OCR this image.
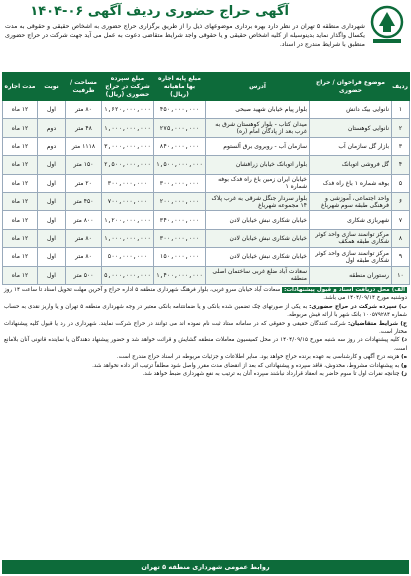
آگهی حراج حضوری ردیف آگهی ۰۶-۱۴۰۴
شهرداری منطقه ۵ تهران در نظر دارد بهره برداری موضوعهای ذیل را از طریق برگزاری حراج حضوری به اشخاص حقیقی و حقوقی به مدت یکسال واگذار نماید بدینوسیله از کلیه اشخاص حقیقی و یا حقوقی واجد شرایط متقاضی دعوت به عمل می آید جهت شرکت در حراج حضوری منطبق با شرایط مندرج در اسناد.
ردیف	موضوع فراخوان / حراج حضوری	آدرس	مبلغ پایه اجاره بها ماهیانه (ریال)	مبلغ سپرده شرکت در حراج حضوری (ریال)	مساحت / ظرفیت	نوبت	مدت اجاره
۱	نانوایی بیک دانش	بلوار پیام خیابان شهید صبحی	۴۵۰,۰۰۰,۰۰۰	۱,۶۲۰,۰۰۰,۰۰۰	۸۰ متر	اول	۱۲ ماه
۲	نانوایی کوهستان	میدان کتاب - بلوار کوهستان شرق به غرب بعد از پادگان امام (ره)	۲۷۵,۰۰۰,۰۰۰	۱,۰۰۰,۰۰۰,۰۰۰	۴۸ متر	دوم	۱۲ ماه
۳	بازار گل سازمان آب	سازمان آب - روبروی برق آلستوم	۸۴۰,۰۰۰,۰۰۰	۳,۰۰۰,۰۰۰,۰۰۰	۱۱۱۸ متر	دوم	۱۲ ماه
۴	گل فروشی اتوبانک	بلوار اتوبانک خیابان زرافشان	۱,۵۰۰,۰۰۰,۰۰۰	۲,۵۰۰,۰۰۰,۰۰۰	۱۵۰ متر	اول	۱۲ ماه
۵	بوفه شماره ۱ باغ راه فدک	خیابان ایران زمین باغ راه فدک بوفه شماره ۱	۳۰۰,۰۰۰,۰۰۰	۳۰۰,۰۰۰,۰۰۰	۲۰ متر	اول	۱۲ ماه
۶	واحد اجتماعی، آموزشی و فرهنگی طبقه سوم شهرباغ	بلوار سردار جنگل شرقی به غرب پلاک ۱۴ مجموعه شهرباغ	۲۰۰,۰۰۰,۰۰۰	۷۰۰,۰۰۰,۰۰۰	۴۵۰ متر	اول	۱۲ ماه
۷	شهربازی شکاری	خیابان شکاری نبش خیابان لادن	۳۴۰,۰۰۰,۰۰۰	۱,۲۰۰,۰۰۰,۰۰۰	۸۰۰ متر	اول	۱۲ ماه
۸	مرکز توانمند سازی واحد کوثر شکاری طبقه همکف	خیابان شکاری نبش خیابان لادن	۳۰۰,۰۰۰,۰۰۰	۱,۰۰۰,۰۰۰,۰۰۰	۸۰ متر	اول	۱۲ ماه
۹	مرکز توانمند سازی واحد کوثر شکاری طبقه اول	خیابان شکاری نبش خیابان لادن	۱۵۰,۰۰۰,۰۰۰	۵۰۰,۰۰۰,۰۰۰	۸۰ متر	اول	۱۲ ماه
۱۰	رستوران منطقه	سعادت آباد ضلع غربی ساختمان اصلی منطقه	۱,۴۰۰,۰۰۰,۰۰۰	۵,۰۰۰,۰۰۰,۰۰۰	۵۰۰ متر	اول	۱۲ ماه

الف) محل دریافت اسناد و قبول پیشنهادات: سعادت آباد خیابان سرو غربی، بلوار فرهنگ شهرداری منطقه ۵ اداره حراج و آخرین مهلت تحویل اسناد تا ساعت ۱۴ روز دوشنبه مورخ ۱۴۰۴/۰۹/۱۴ می باشد.

ب) سپرده شرکت در حراج حضوری: به یکی از صورتهای چک تضمین شده بانکی و یا ضمانتنامه بانکی معتبر در وجه شهرداری منطقه ۵ تهران و یا واریز نقدی به حساب شماره ۱۰۰۵۷۹۲۸۴ بانک شهر با ارائه فیش مربوطه.

ج) شرایط متقاضیان: شرکت کنندگان حقیقی و حقوقی که در سامانه ستاد ثبت نام نموده اند می توانند در حراج شرکت نمایند. شهرداری در رد یا قبول کلیه پیشنهادات مختار است.

د) کلیه پیشنهادات در روز سه شنبه مورخ ۱۴۰۴/۰۹/۱۵ در محل کمیسیون معاملات منطقه گشایش و قرائت خواهد شد و حضور پیشنهاد دهندگان یا نماینده قانونی آنان بلامانع است.

ه) هزینه درج آگهی و کارشناسی به عهده برنده حراج خواهد بود. سایر اطلاعات و جزئیات مربوطه در اسناد حراج مندرج است.

و) به پیشنهادات مشروط، مخدوش، فاقد سپرده و پیشنهاداتی که بعد از انقضای مدت مقرر واصل شود مطلقاً ترتیب اثر داده نخواهد شد.

ز) چنانچه نفرات اول تا سوم حاضر به انعقاد قرارداد نباشند سپرده آنان به ترتیب به نفع شهرداری ضبط خواهد شد.

روابط عمومی شهرداری منطقه ۵ تهران
